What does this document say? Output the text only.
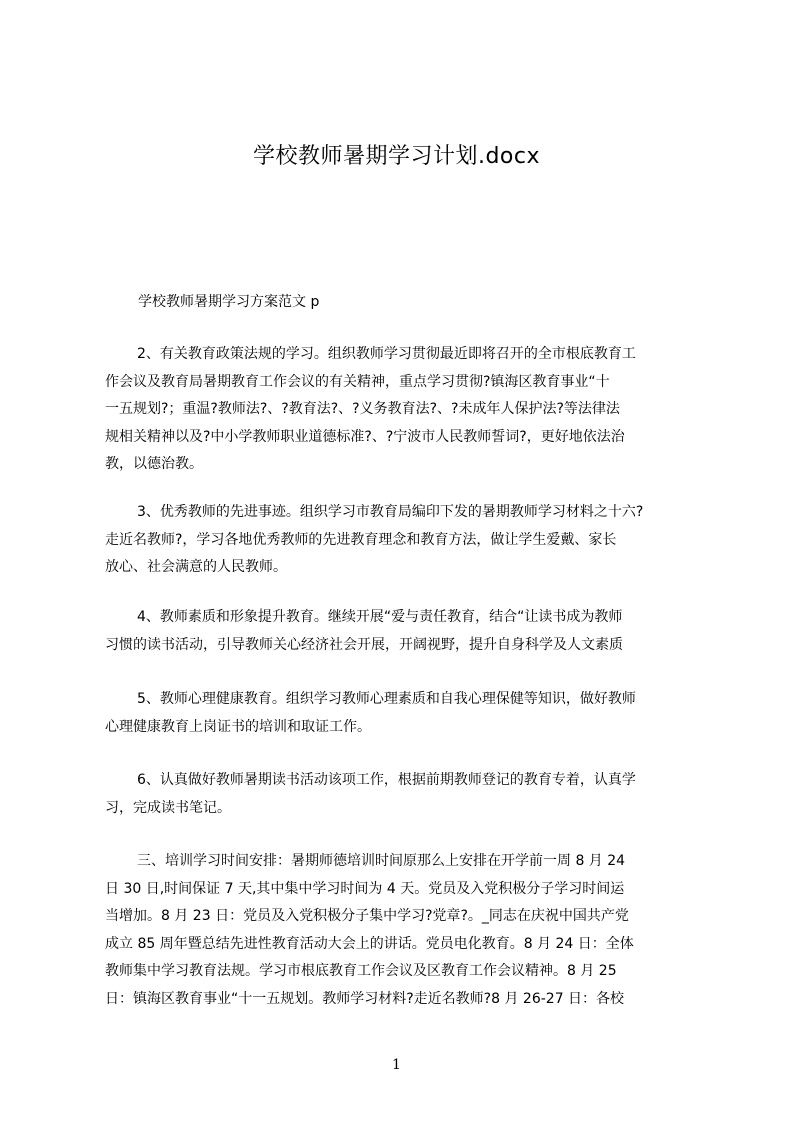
学校教师暑期学习计划.docx
学校教师暑期学习方案范文 p
2、有关教育政策法规的学习。组织教师学习贯彻最近即将召开的全市根底教育工
作会议及教育局暑期教育工作会议的有关精神，重点学习贯彻?镇海区教育事业“十
一五规划?；重温?教师法?、?教育法?、?义务教育法?、?未成年人保护法?等法律法
规相关精神以及?中小学教师职业道德标准?、?宁波市人民教师誓词?，更好地依法治
教，以德治教。
3、优秀教师的先进事迹。组织学习市教育局编印下发的暑期教师学习材料之十六?
走近名教师?，学习各地优秀教师的先进教育理念和教育方法，做让学生爱戴、家长
放心、社会满意的人民教师。
4、教师素质和形象提升教育。继续开展“爱与责任教育，结合“让读书成为教师
习惯的读书活动，引导教师关心经济社会开展，开阔视野，提升自身科学及人文素质
5、教师心理健康教育。组织学习教师心理素质和自我心理保健等知识，做好教师
心理健康教育上岗证书的培训和取证工作。
6、认真做好教师暑期读书活动该项工作，根据前期教师登记的教育专着，认真学
习，完成读书笔记。
三、培训学习时间安排：暑期师德培训时间原那么上安排在开学前一周 8 月 24
日 30 日,时间保证 7 天,其中集中学习时间为 4 天。党员及入党积极分子学习时间运
当增加。8 月 23 日：党员及入党积极分子集中学习?党章?。_同志在庆祝中国共产党
成立 85 周年暨总结先进性教育活动大会上的讲话。党员电化教育。8 月 24 日：全体
教师集中学习教育法规。学习市根底教育工作会议及区教育工作会议精神。8 月 25
日：镇海区教育事业“十一五规划。教师学习材料?走近名教师?8 月 26-27 日：各校
1
